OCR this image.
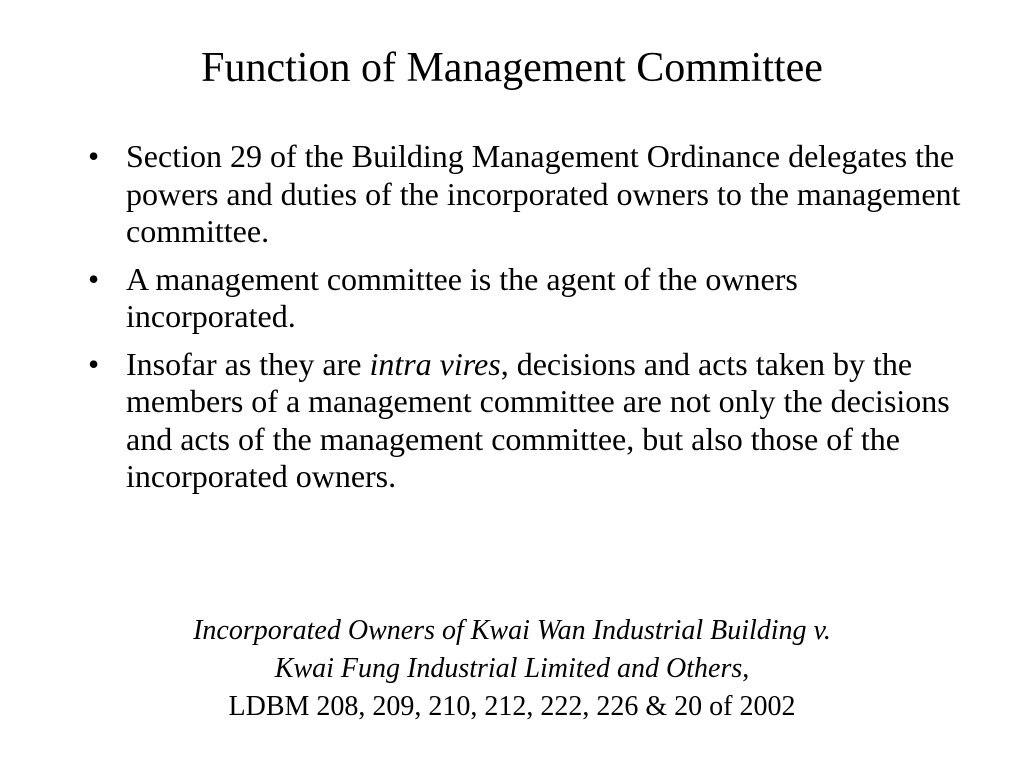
Function of Management Committee
• Section 29 of the Building Management Ordinance delegates the powers and duties of the incorporated owners to the management committee.
• A management committee is the agent of the owners incorporated.
• Insofar as they are intra vires, decisions and acts taken by the members of a management committee are not only the decisions and acts of the management committee, but also those of the incorporated owners.
Incorporated Owners of Kwai Wan Industrial Building v.
Kwai Fung Industrial Limited and Others,
LDBM 208, 209, 210, 212, 222, 226 & 20 of 2002
